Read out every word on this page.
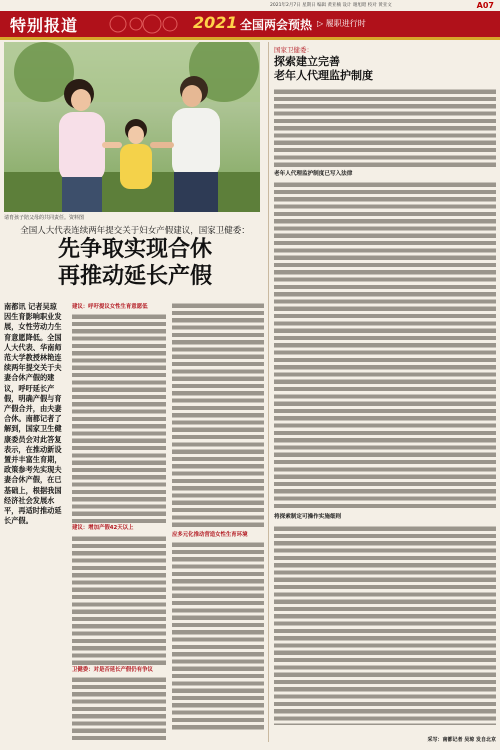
2021年2月7日 星期日 编辑 黄亚楠 设计 谢旭昭 校对 黄亚文	A07
特别报道	2021 全国两会预热 ▷ 履职进行时
请育孩子陪父母的共同责任。资料图
全国人大代表连续两年提交关于妇女产假建议，国家卫健委：
先争取实现合休
再推动延长产假
南都讯 记者吴琼 因生育影响职业发展，女性劳动力生育意愿降低。全国人大代表、华南师范大学教授林艳连续两年提交关于夫妻合休产假的建议，呼吁延长产假，明确产假与育产假合并，由夫妻合休。南都记者了解到，国家卫生健康委员会对此答复表示，在推动新设置并丰富生育期，政策参考先实现夫妻合休产假，在已基础上，根据我国经济社会发展水平，再适时推动延长产假。
建议：呼吁提议女性生育意愿低
建议：增加产假42天以上
卫健委：对是否延长产假仍有争议
应多元化推动营造女性生育环境
国家卫健委：
探索建立完善
老年人代理监护制度
老年人代理监护制度已写入法律
将探索制定可操作实施细则
采写：南都记者 吴琼 发自北京
